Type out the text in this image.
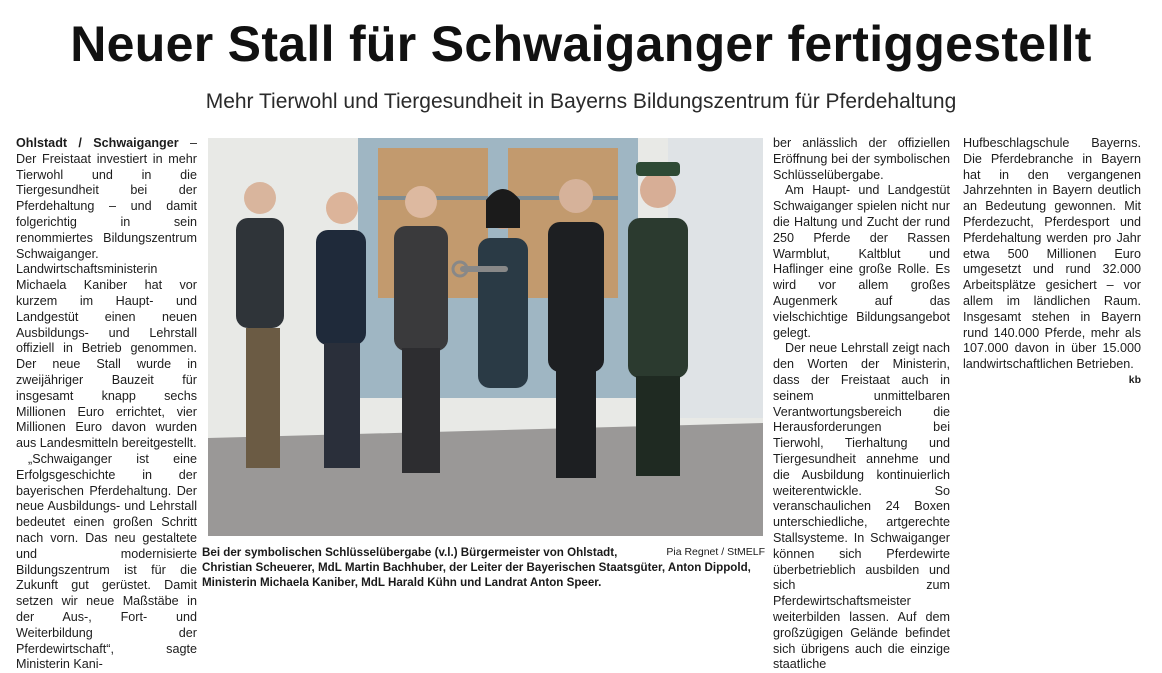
Neuer Stall für Schwaiganger fertiggestellt
Mehr Tierwohl und Tiergesundheit in Bayerns Bildungszentrum für Pferdehaltung

Ohlstadt / Schwaiganger – Der Freistaat investiert in mehr Tierwohl und in die Tiergesundheit bei der Pferdehaltung – und damit folgerichtig in sein renommiertes Bildungszentrum Schwaiganger. Landwirtschaftsministerin Michaela Kaniber hat vor kurzem im Haupt- und Landgestüt einen neuen Ausbildungs- und Lehrstall offiziell in Betrieb genommen. Der neue Stall wurde in zweijähriger Bauzeit für insgesamt knapp sechs Millionen Euro errichtet, vier Millionen Euro davon wurden aus Landesmitteln bereitgestellt.

„Schwaiganger ist eine Erfolgsgeschichte in der bayerischen Pferdehaltung. Der neue Ausbildungs- und Lehrstall bedeutet einen großen Schritt nach vorn. Das neu gestaltete und modernisierte Bildungszentrum ist für die Zukunft gut gerüstet. Damit setzen wir neue Maßstäbe in der Aus-, Fort- und Weiterbildung der Pferdewirtschaft“, sagte Ministerin Kani-

Pia Regnet / StMELF
Bei der symbolischen Schlüsselübergabe (v.l.) Bürgermeister von Ohlstadt, Christian Scheuerer, MdL Martin Bachhuber, der Leiter der Bayerischen Staatsgüter, Anton Dippold, Ministerin Michaela Kaniber, MdL Harald Kühn und Landrat Anton Speer.

ber anlässlich der offiziellen Eröffnung bei der symbolischen Schlüsselübergabe.

Am Haupt- und Landgestüt Schwaiganger spielen nicht nur die Haltung und Zucht der rund 250 Pferde der Rassen Warmblut, Kaltblut und Haflinger eine große Rolle. Es wird vor allem großes Augenmerk auf das vielschichtige Bildungsangebot gelegt.

Der neue Lehrstall zeigt nach den Worten der Ministerin, dass der Freistaat auch in seinem unmittelbaren Verantwortungsbereich die Herausforderungen bei Tierwohl, Tierhaltung und Tiergesundheit annehme und die Ausbildung kontinuierlich weiterentwickle. So veranschaulichen 24 Boxen unterschiedliche, artgerechte Stallsysteme. In Schwaiganger können sich Pferdewirte überbetrieblich ausbilden und sich zum Pferdewirtschaftsmeister weiterbilden lassen. Auf dem großzügigen Gelände befindet sich übrigens auch die einzige staatliche

Hufbeschlagschule Bayerns. Die Pferdebranche in Bayern hat in den vergangenen Jahrzehnten in Bayern deutlich an Bedeutung gewonnen. Mit Pferdezucht, Pferdesport und Pferdehaltung werden pro Jahr etwa 500 Millionen Euro umgesetzt und rund 32.000 Arbeitsplätze gesichert – vor allem im ländlichen Raum. Insgesamt stehen in Bayern rund 140.000 Pferde, mehr als 107.000 davon in über 15.000 landwirtschaftlichen Betrieben.
kb
